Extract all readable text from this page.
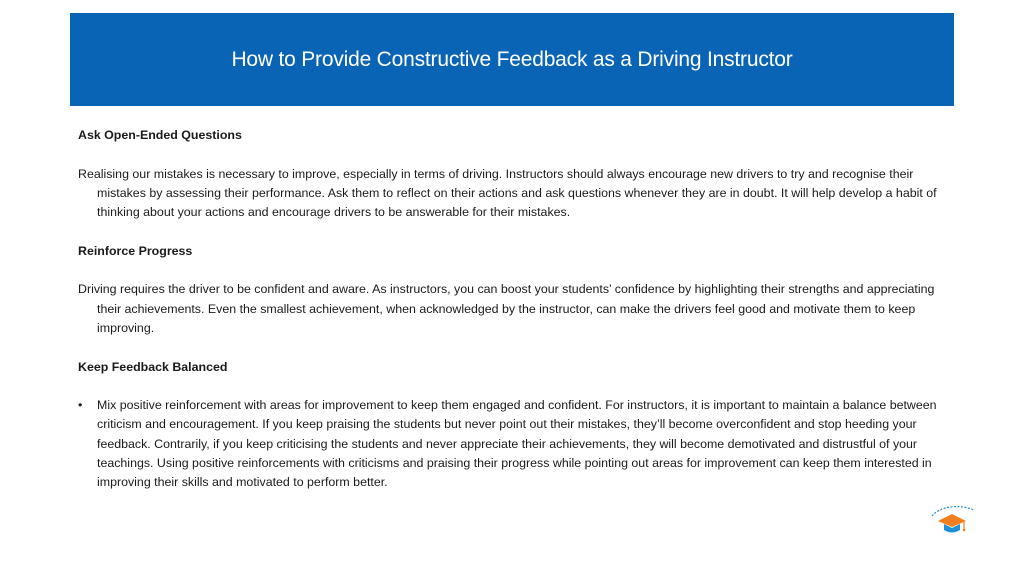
How to Provide Constructive Feedback as a Driving Instructor

Ask Open-Ended Questions

Realising our mistakes is necessary to improve, especially in terms of driving. Instructors should always encourage new drivers to try and recognise their mistakes by assessing their performance. Ask them to reflect on their actions and ask questions whenever they are in doubt. It will help develop a habit of thinking about your actions and encourage drivers to be answerable for their mistakes.

Reinforce Progress

Driving requires the driver to be confident and aware. As instructors, you can boost your students’ confidence by highlighting their strengths and appreciating their achievements. Even the smallest achievement, when acknowledged by the instructor, can make the drivers feel good and motivate them to keep improving.

Keep Feedback Balanced

•	Mix positive reinforcement with areas for improvement to keep them engaged and confident. For instructors, it is important to maintain a balance between criticism and encouragement. If you keep praising the students but never point out their mistakes, they’ll become overconfident and stop heeding your feedback. Contrarily, if you keep criticising the students and never appreciate their achievements, they will become demotivated and distrustful of your teachings. Using positive reinforcements with criticisms and praising their progress while pointing out areas for improvement can keep them interested in improving their skills and motivated to perform better.
